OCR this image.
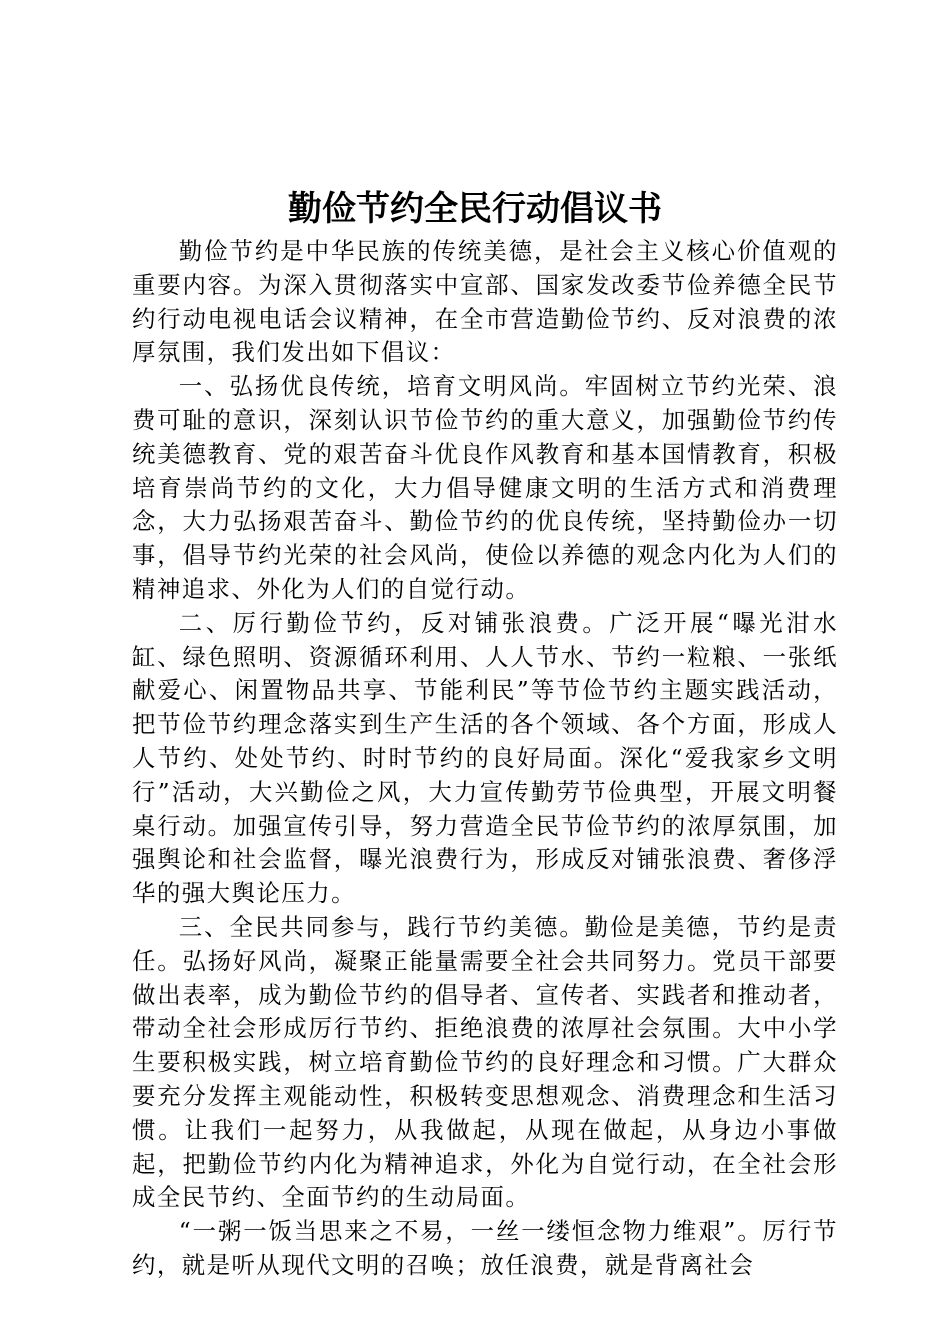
勤俭节约全民行动倡议书

勤俭节约是中华民族的传统美德，是社会主义核心价值观的重要内容。为深入贯彻落实中宣部、国家发改委节俭养德全民节约行动电视电话会议精神，在全市营造勤俭节约、反对浪费的浓厚氛围，我们发出如下倡议：

一、弘扬优良传统，培育文明风尚。牢固树立节约光荣、浪费可耻的意识，深刻认识节俭节约的重大意义，加强勤俭节约传统美德教育、党的艰苦奋斗优良作风教育和基本国情教育，积极培育崇尚节约的文化，大力倡导健康文明的生活方式和消费理念，大力弘扬艰苦奋斗、勤俭节约的优良传统，坚持勤俭办一切事，倡导节约光荣的社会风尚，使俭以养德的观念内化为人们的精神追求、外化为人们的自觉行动。

二、厉行勤俭节约，反对铺张浪费。广泛开展“曝光泔水缸、绿色照明、资源循环利用、人人节水、节约一粒粮、一张纸献爱心、闲置物品共享、节能利民”等节俭节约主题实践活动，把节俭节约理念落实到生产生活的各个领域、各个方面，形成人人节约、处处节约、时时节约的良好局面。深化“爱我家乡文明行”活动，大兴勤俭之风，大力宣传勤劳节俭典型，开展文明餐桌行动。加强宣传引导，努力营造全民节俭节约的浓厚氛围，加强舆论和社会监督，曝光浪费行为，形成反对铺张浪费、奢侈浮华的强大舆论压力。

三、全民共同参与，践行节约美德。勤俭是美德，节约是责任。弘扬好风尚，凝聚正能量需要全社会共同努力。党员干部要做出表率，成为勤俭节约的倡导者、宣传者、实践者和推动者，带动全社会形成厉行节约、拒绝浪费的浓厚社会氛围。大中小学生要积极实践，树立培育勤俭节约的良好理念和习惯。广大群众要充分发挥主观能动性，积极转变思想观念、消费理念和生活习惯。让我们一起努力，从我做起，从现在做起，从身边小事做起，把勤俭节约内化为精神追求，外化为自觉行动，在全社会形成全民节约、全面节约的生动局面。

“一粥一饭当思来之不易，一丝一缕恒念物力维艰”。厉行节约，就是听从现代文明的召唤；放任浪费，就是背离社会
